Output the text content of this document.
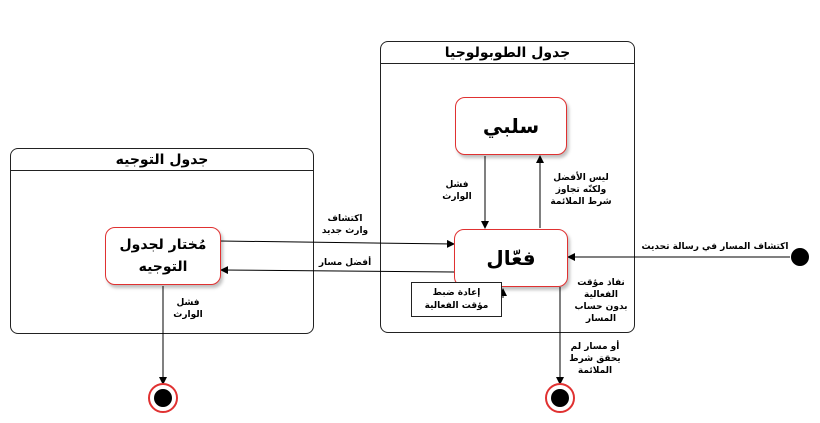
جدول الطوبولوجيا
جدول التوجيه
سلبي
فعّال
مُختار لجدول التوجيه
إعادة ضبط مؤقت الفعالية
ليس الأفضل
ولكنّه تجاوز
شرط الملائمة
فشل
الوارث
اكتشاف
وارث جديد
أفضل مسار
فشل
الوارث
اكتشاف المسار في رسالة تحديث
نفاذ مؤقت
الفعالية
بدون حساب
المسار
أو مسار لم
يحقق شرط
الملائمة
